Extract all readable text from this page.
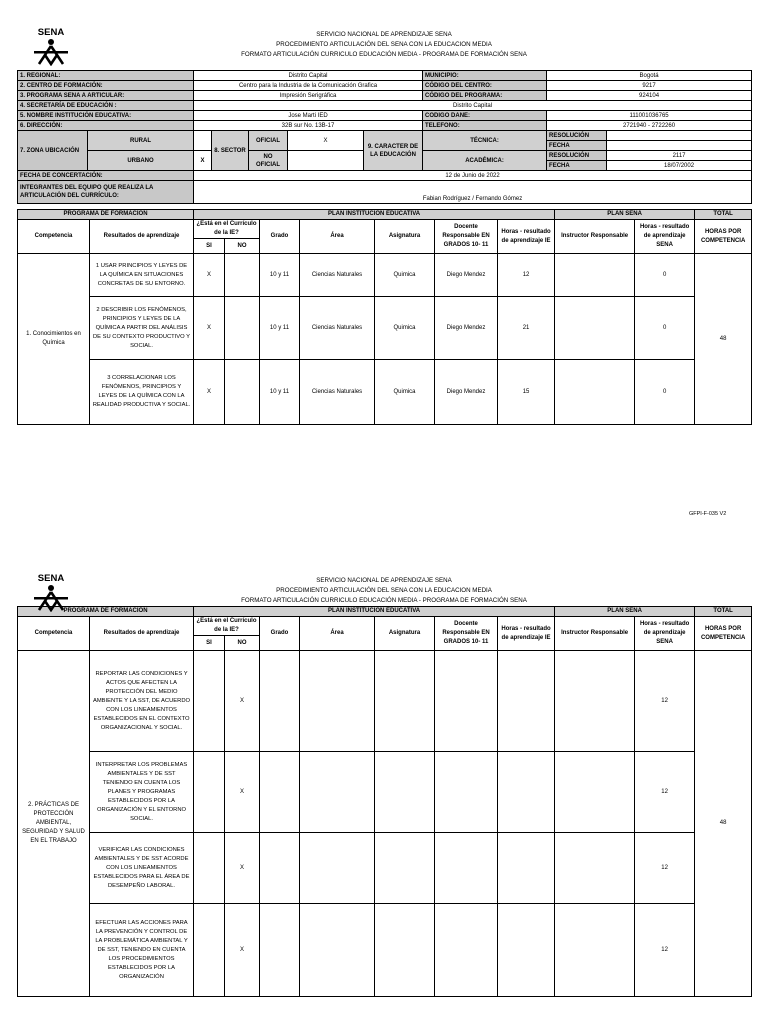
SENA	SERVICIO NACIONAL DE APRENDIZAJE SENA
PROCEDIMIENTO ARTICULACIÓN DEL SENA CON LA EDUCACION MEDIA
FORMATO ARTICULACIÓN CURRICULO EDUCACIÓN MEDIA - PROGRAMA DE FORMACIÓN SENA
1. REGIONAL:		Distrito Capital					MUNICIPIO:	Bogotá	
2. CENTRO DE FORMACIÓN:		Centro para la Industria de la Comunicación Grafica					CÓDIGO DEL CENTRO:	9217	
3. PROGRAMA SENA A ARTICULAR:		Impresión Serigráfica					CÓDIGO DEL PROGRAMA:	924104	
4. SECRETARÍA DE EDUCACIÓN :		Distrito Capital							
5. NOMBRE INSTITUCIÓN EDUCATIVA:		Jose Marti IED					CODIGO DANE:	111001036765	
6. DIRECCIÓN:		32B sur No. 13B-17					TELEFONO:	2721940 - 2722260	
7. ZONA UBICACIÓN	RURAL		8. SECTOR	OFICIAL	X	9. CARACTER DE LA EDUCACIÓN	TÉCNICA:	RESOLUCIÓN	
								FECHA	
	URBANO	X		NO OFICIAL			ACADÉMICA:	RESOLUCIÓN	2117
								FECHA	18/07/2002
FECHA DE CONCERTACIÓN:		12 de Junio de 2022							
INTEGRANTES DEL EQUIPO QUE REALIZA LA ARTICULACIÓN DEL CURRÍCULO:		Fabian Rodríguez / Fernando Gómez							
PROGRAMA DE FORMACIÓN		PLAN INSTITUCIÓN EDUCATIVA							PLAN SENA		TOTAL
Competencia	Resultados de aprendizaje	¿Está en el Currículo de la IE?		Grado	Área	Asignatura	Docente Responsable EN GRADOS 10- 11	Horas - resultado de aprendizaje IE	Instructor Responsable	Horas - resultado de aprendizaje SENA	HORAS POR COMPETENCIA
		SI	NO								
1. Conocimientos en Química	1 USAR PRINCIPIOS Y LEYES DE LA QUÍMICA EN SITUACIONES CONCRETAS DE SU ENTORNO.	X		10 y 11	Ciencias Naturales	Quimica	Diego Mendez	12		0	48
	2 DESCRIBIR LOS FENÓMENOS, PRINCIPIOS Y LEYES DE LA QUÍMICA A PARTIR DEL ANÁLISIS DE SU CONTEXTO PRODUCTIVO Y SOCIAL.	X		10 y 11	Ciencias Naturales	Quimica	Diego Mendez	21		0	
	3 CORRELACIONAR LOS FENÓMENOS, PRINCIPIOS Y LEYES DE LA QUÍMICA CON LA REALIDAD PRODUCTIVA Y SOCIAL.	X		10 y 11	Ciencias Naturales	Quimica	Diego Mendez	15		0	
GFPI-F-035 V2
SENA	SERVICIO NACIONAL DE APRENDIZAJE SENA
PROCEDIMIENTO ARTICULACIÓN DEL SENA CON LA EDUCACION MEDIA
FORMATO ARTICULACIÓN CURRICULO EDUCACIÓN MEDIA - PROGRAMA DE FORMACIÓN SENA
PROGRAMA DE FORMACIÓN		PLAN INSTITUCIÓN EDUCATIVA							PLAN SENA		TOTAL
Competencia	Resultados de aprendizaje	¿Está en el Currículo de la IE?		Grado	Área	Asignatura	Docente Responsable EN GRADOS 10- 11	Horas - resultado de aprendizaje IE	Instructor Responsable	Horas - resultado de aprendizaje SENA	HORAS POR COMPETENCIA
		SI	NO								
2. PRÁCTICAS DE PROTECCIÓN AMBIENTAL, SEGURIDAD Y SALUD EN EL TRABAJO	REPORTAR LAS CONDICIONES Y ACTOS QUE AFECTEN LA PROTECCIÓN DEL MEDIO AMBIENTE Y LA SST, DE ACUERDO CON LOS LINEAMIENTOS ESTABLECIDOS EN EL CONTEXTO ORGANIZACIONAL Y SOCIAL.		X							12	48
	INTERPRETAR LOS PROBLEMAS AMBIENTALES Y DE SST TENIENDO EN CUENTA LOS PLANES Y PROGRAMAS ESTABLECIDOS POR LA ORGANIZACIÓN Y EL ENTORNO SOCIAL.		X							12	
	VERIFICAR LAS CONDICIONES AMBIENTALES Y DE SST ACORDE CON LOS LINEAMIENTOS ESTABLECIDOS PARA EL ÁREA DE DESEMPEÑO LABORAL.		X							12	
	EFECTUAR LAS ACCIONES PARA LA PREVENCIÓN Y CONTROL DE LA PROBLEMÁTICA AMBIENTAL Y DE SST, TENIENDO EN CUENTA LOS PROCEDIMIENTOS ESTABLECIDOS POR LA ORGANIZACIÓN		X							12	
